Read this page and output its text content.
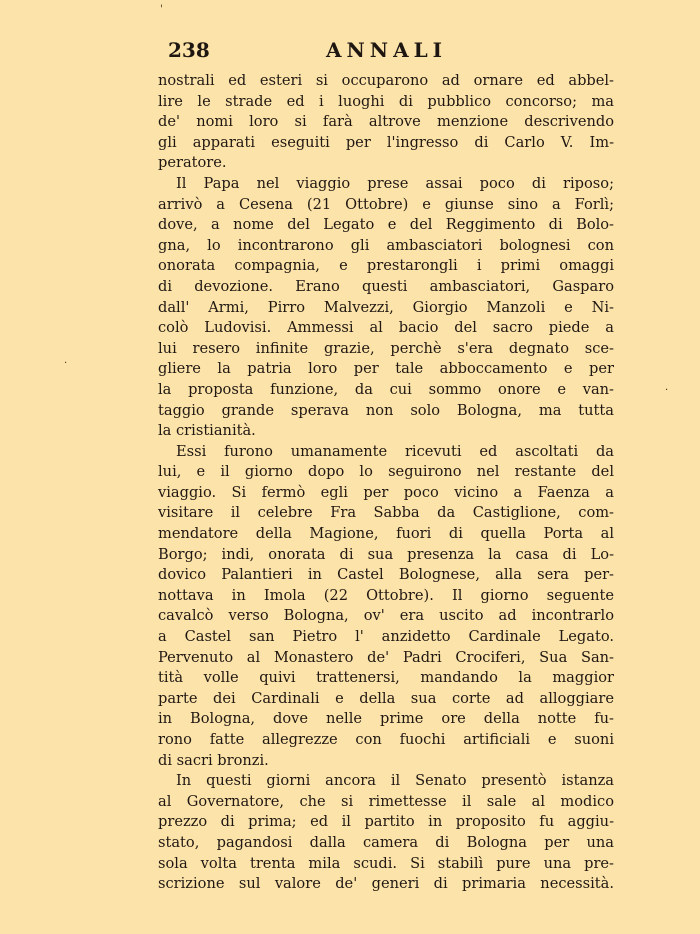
238	ANNALI
nostrali ed esteri si occuparono ad ornare ed abbel-
lire le strade ed i luoghi di pubblico concorso; ma
de' nomi loro si farà altrove menzione descrivendo
gli apparati eseguiti per l'ingresso di Carlo V. Im-
peratore.
Il Papa nel viaggio prese assai poco di riposo;
arrivò a Cesena (21 Ottobre) e giunse sino a Forlì;
dove, a nome del Legato e del Reggimento di Bolo-
gna, lo incontrarono gli ambasciatori bolognesi con
onorata compagnia, e prestarongli i primi omaggi
di devozione. Erano questi ambasciatori, Gasparo
dall' Armi, Pirro Malvezzi, Giorgio Manzoli e Ni-
colò Ludovisi. Ammessi al bacio del sacro piede a
lui resero infinite grazie, perchè s'era degnato sce-
gliere la patria loro per tale abboccamento e per
la proposta funzione, da cui sommo onore e van-
taggio grande sperava non solo Bologna, ma tutta
la cristianità.
Essi furono umanamente ricevuti ed ascoltati da
lui, e il giorno dopo lo seguirono nel restante del
viaggio. Si fermò egli per poco vicino a Faenza a
visitare il celebre Fra Sabba da Castiglione, com-
mendatore della Magione, fuori di quella Porta al
Borgo; indi, onorata di sua presenza la casa di Lo-
dovico Palantieri in Castel Bolognese, alla sera per-
nottava in Imola (22 Ottobre). Il giorno seguente
cavalcò verso Bologna, ov' era uscito ad incontrarlo
a Castel san Pietro l' anzidetto Cardinale Legato.
Pervenuto al Monastero de' Padri Crociferi, Sua San-
tità volle quivi trattenersi, mandando la maggior
parte dei Cardinali e della sua corte ad alloggiare
in Bologna, dove nelle prime ore della notte fu-
rono fatte allegrezze con fuochi artificiali e suoni
di sacri bronzi.
In questi giorni ancora il Senato presentò istanza
al Governatore, che si rimettesse il sale al modico
prezzo di prima; ed il partito in proposito fu aggiu-
stato, pagandosi dalla camera di Bologna per una
sola volta trenta mila scudi. Si stabilì pure una pre-
scrizione sul valore de' generi di primaria necessità.
'
.
·
